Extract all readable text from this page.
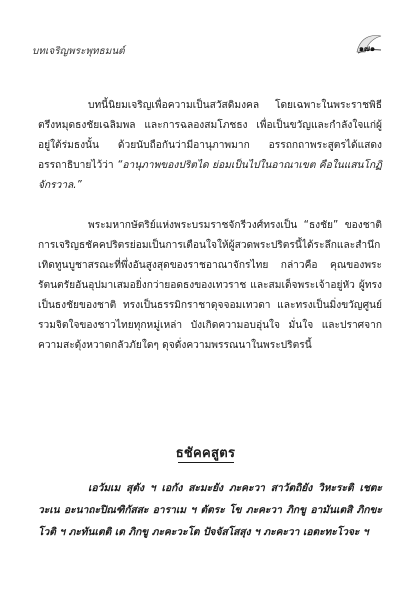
บทเจริญพระพุทธมนต์	๑๗๑
บทนี้นิยมเจริญเพื่อความเป็นสวัสดิมงคล โดยเฉพาะในพระราชพิธีตรึงหมุดธงชัยเฉลิมพล และการฉลองสมโภชธง เพื่อเป็นขวัญและกำลังใจแก่ผู้อยู่ใต้ร่มธงนั้น ด้วยนับถือกันว่ามีอานุภาพมาก อรรถกถาพระสูตรได้แสดงอรรถาธิบายไว้ว่า “อานุภาพของปริตได ย่อมเป็นไปในอาณาเขต คือในแสนโกฏิจักรวาล.”
พระมหากษัตริย์แห่งพระบรมราชจักรีวงศ์ทรงเป็น “ธงชัย” ของชาติการเจริญธชัคคปริตรย่อมเป็นการเตือนใจให้ผู้สวดพระปริตรนี้ได้ระลึกและสำนึกเทิดทูนบูชาสรณะที่พึ่งอันสูงสุดของราชอาณาจักรไทย กล่าวคือ คุณของพระรัตนตรัยอันอุปมาเสมอยิ่งกว่ายอดธงของเทวราช และสมเด็จพระเจ้าอยู่หัว ผู้ทรงเป็นธงชัยของชาติ ทรงเป็นธรรมิกราชาดุจจอมเทวดา และทรงเป็นมิ่งขวัญศูนย์รวมจิตใจของชาวไทยทุกหมู่เหล่า บังเกิดความอบอุ่นใจ มั่นใจ และปราศจากความสะดุ้งหวาดกลัวภัยใดๆ ดุจดั่งความพรรณนาในพระปริตรนี้
ธชัคคสูตร
เอวัมเม สุตัง ฯ เอกัง สะมะยัง ภะคะวา สาวัตถิยัง วิหะระติ เชตะวะเน อะนาถะปิณฑิกัสสะ อาราเม ฯ ตัตระ โข ภะคะวา ภิกขู อามันเตสิ ภิกขะโวติ ฯ ภะทันเตติ เต ภิกขู ภะคะวะโต ปัจจัสโสสุง ฯ ภะคะวา เอตะทะโวจะ ฯ
